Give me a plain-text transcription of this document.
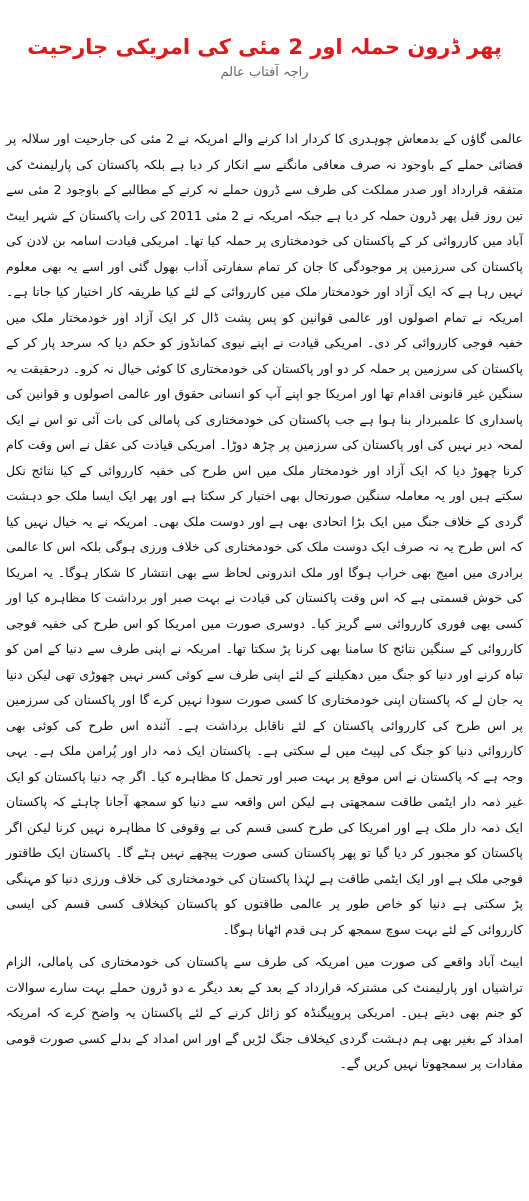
پھر ڈرون حملہ اور 2 مئی کی امریکی جارحیت
راجہ آفتاب عالم

عالمی گاؤں کے بدمعاش چوہدری کا کردار ادا کرنے والے امریکہ نے 2 مئی کی جارحیت اور سلالہ پر فضائی حملے کے باوجود نہ صرف معافی مانگنے سے انکار کر دیا ہے بلکہ پاکستان کی پارلیمنٹ کی متفقہ قرارداد اور صدر مملکت کی طرف سے ڈرون حملے نہ کرنے کے مطالبے کے باوجود 2 مئی سے تین روز قبل پھر ڈرون حملہ کر دیا ہے جبکہ امریکہ نے 2 مئی 2011 کی رات پاکستان کے شہر ایبٹ آباد میں کارروائی کر کے پاکستان کی خودمختاری پر حملہ کیا تھا۔ امریکی قیادت اسامہ بن لادن کی پاکستان کی سرزمین پر موجودگی کا جان کر تمام سفارتی آداب بھول گئی اور اسے یہ بھی معلوم نہیں رہا ہے کہ ایک آزاد اور خودمختار ملک میں کارروائی کے لئے کیا طریقہ کار اختیار کیا جاتا ہے۔ امریکہ نے تمام اصولوں اور عالمی قوانین کو پس پشت ڈال کر ایک آزاد اور خودمختار ملک میں خفیہ فوجی کارروائی کر دی۔ امریکی قیادت نے اپنے نیوی کمانڈوز کو حکم دیا کہ سرحد پار کر کے پاکستان کی سرزمین پر حملہ کر دو اور پاکستان کی خودمختاری کا کوئی خیال نہ کرو۔ درحقیقت یہ سنگین غیر قانونی اقدام تھا اور امریکا جو اپنے آپ کو انسانی حقوق اور عالمی اصولوں و قوانین کی پاسداری کا علمبردار بنا ہوا ہے جب پاکستان کی خودمختاری کی پامالی کی بات آئی تو اس نے ایک لمحہ دیر نہیں کی اور پاکستان کی سرزمین پر چڑھ دوڑا۔ امریکی قیادت کی عقل نے اس وقت کام کرنا چھوڑ دیا کہ ایک آزاد اور خودمختار ملک میں اس طرح کی خفیہ کارروائی کے کیا نتائج نکل سکتے ہیں اور یہ معاملہ سنگین صورتحال بھی اختیار کر سکتا ہے اور پھر ایک ایسا ملک جو دہشت گردی کے خلاف جنگ میں ایک بڑا اتحادی بھی ہے اور دوست ملک بھی۔ امریکہ نے یہ خیال نہیں کیا کہ اس طرح یہ نہ صرف ایک دوست ملک کی خودمختاری کی خلاف ورزی ہوگی بلکہ اس کا عالمی برادری میں امیج بھی خراب ہوگا اور ملک اندرونی لحاظ سے بھی انتشار کا شکار ہوگا۔ یہ امریکا کی خوش قسمتی ہے کہ اس وقت پاکستان کی قیادت نے بہت صبر اور برداشت کا مظاہرہ کیا اور کسی بھی فوری کارروائی سے گریز کیا۔ دوسری صورت میں امریکا کو اس طرح کی خفیہ فوجی کارروائی کے سنگین نتائج کا سامنا بھی کرنا پڑ سکتا تھا۔ امریکہ نے اپنی طرف سے دنیا کے امن کو تباہ کرنے اور دنیا کو جنگ میں دھکیلنے کے لئے اپنی طرف سے کوئی کسر نہیں چھوڑی تھی لیکن دنیا یہ جان لے کہ پاکستان اپنی خودمختاری کا کسی صورت سودا نہیں کرے گا اور پاکستان کی سرزمین پر اس طرح کی کارروائی پاکستان کے لئے ناقابل برداشت ہے۔ آئندہ اس طرح کی کوئی بھی کارروائی دنیا کو جنگ کی لپیٹ میں لے سکتی ہے۔ پاکستان ایک ذمہ دار اور پُرامن ملک ہے۔ یہی وجہ ہے کہ پاکستان نے اس موقع پر بہت صبر اور تحمل کا مظاہرہ کیا۔ اگر چہ دنیا پاکستان کو ایک غیر ذمہ دار ایٹمی طاقت سمجھتی ہے لیکن اس واقعہ سے دنیا کو سمجھ آجانا چاہئے کہ پاکستان ایک ذمہ دار ملک ہے اور امریکا کی طرح کسی قسم کی بے وقوفی کا مظاہرہ نہیں کرنا لیکن اگر پاکستان کو مجبور کر دیا گیا تو پھر پاکستان کسی صورت پیچھے نہیں ہٹے گا۔ پاکستان ایک طاقتور فوجی ملک ہے اور ایک ایٹمی طاقت ہے لہٰذا پاکستان کی خودمختاری کی خلاف ورزی دنیا کو مہنگی پڑ سکتی ہے دنیا کو خاص طور پر عالمی طاقتوں کو پاکستان کیخلاف کسی قسم کی ایسی کارروائی کے لئے بہت سوچ سمجھ کر ہی قدم اٹھانا ہوگا۔

ایبٹ آباد واقعے کی صورت میں امریکہ کی طرف سے پاکستان کی خودمختاری کی پامالی، الزام تراشیاں اور پارلیمنٹ کی مشترکہ قرارداد کے بعد کے بعد دیگر ے دو ڈرون حملے بہت سارے سوالات کو جنم بھی دیتے ہیں۔ امریکی پروپیگنڈہ کو زائل کرنے کے لئے پاکستان یہ واضح کرے کہ امریکہ امداد کے بغیر بھی ہم دہشت گردی کیخلاف جنگ لڑیں گے اور اس امداد کے بدلے کسی صورت قومی مفادات پر سمجھوتا نہیں کریں گے۔
